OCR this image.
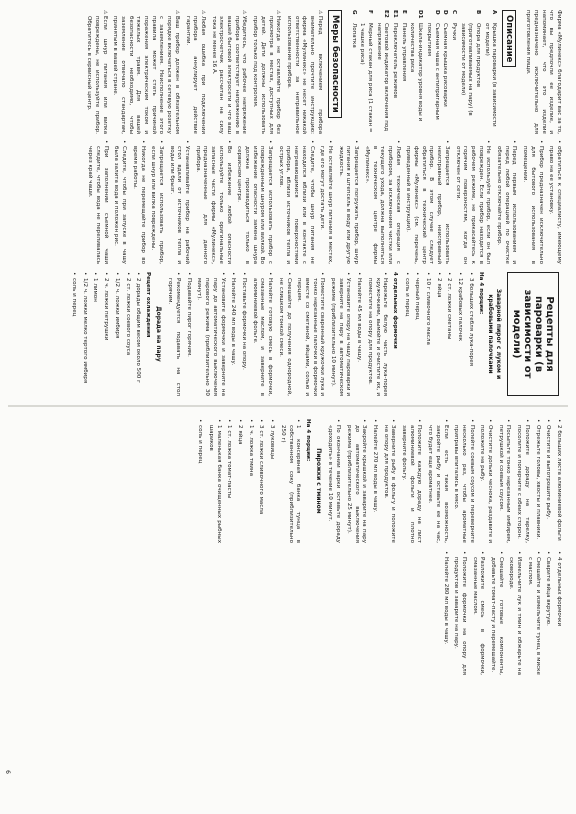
Фирма «Мулинекс» благодарит вас за то, что вы предпочли ее изделие, и напоминает, что это изделие предназначено исключительно для приготовления пищи.

Описание
А
Крышка пароварки (в зависимости от модели)
B
Опора для продуктов (приготавливаемых на пару) (в зависимости от модели)
C
Ручки
D
Съемная крышка рисоварки
D
Съемная чаша с антипригарным покрытием
D1
Шкала-индикатор уровня воды и количества риса
E
Панель управления
E1
Переключатель режимов
E2
Световой индикатор включения под напряжение
F
Мерный стакан для риса (1 стакан = 1 чашке риса)
G
Лопатка
Меры безопасности
⚠ Перед включением прибора внимательно прочтите инструкцию: фирма «Мулинекс» не несет никакой ответственности за неправильное использование прибора.
⚠ Никогда не оставляйте прибор без присмотра в местах, доступных для детей. Дети должны использовать прибор только под контролем.
⚠ Убедитесь, что рабочее напряжение прибора соответствует напряжению в вашей бытовой электросети и что ваш электросчетчик рассчитан на силу тока не менее 16 А.
⚠ Любая ошибка при подключении прибора аннулирует действие гарантии.
⚠ Ваш прибор должен в обязательном порядке включаться в сетевую розетку с заземлением. Неисполнение этого правила может стать причиной поражения электрическим током и тяжелых травм. Для вашей безопасности необходимо, чтобы заземление отвечало стандартам, принятым в вашей стране.
⚠ Если шнур питания или вилка повреждены, не используйте прибор. Обратитесь в сервисный центр.
• обратиться к специалисту, имеющему право на ее установку.
• Прибор предназначен исключительно для бытового использования в помещении.
• Перед первым использованием и перед любой операцией по очистке обязательно отключайте прибор.
• Не используйте прибор, если он был поврежден. Если прибор находится в рабочем режиме, не прикасайтесь к горячим поверхностям, когда он отключен от сети.
• Запрещается использовать неисправный прибор, неисправный прибор. В этом случае следует обратиться в технический центр фирмы «Мулинекс» (см. перечень, приведенный в инструкции).
• Любая техническая операция с прибором, за исключением чистки или текущего ухода, должна выполняться в техническом центре фирмы «Мулинекс».
• Запрещается погружать прибор, шнур питания и штепсель в воду или другую жидкость.
• Не оставляйте шнур питания в местах, где его могут достать дети.
• Следите, чтобы шнур питания не находился вблизи или в контакте с нагревающимися поверхностями прибора, вблизи источников тепла и острых углов.
• Запрещается использовать прибор с поврежденным шнуром или вилкой. Во избежание опасности замена шнура должна производиться только в сервисном центре.
• Во избежание любой опасности используйте только оригинальные запасные части фирмы «Мулинекс», предназначенные для данного прибора.
• Устанавливайте прибор на рабочий стол вдали от источников тепла и воды или брызг.
• Запрещается использовать прибор, если шнур или вилка повреждены.
• Никогда не перемещайте прибор во время работы.
• Следите, чтобы при запуске в чашу была залита вода и положен рис.
• При заполнении съемной чаши следите, чтобы вода не переливалась через край чаши.
Рецепты для пароварки (в зависимости от модели)
Заварной пирог с луком и крабовыми палочками
На 4 порции:
• 3 больших стебля лука-порея
• 12 крабовых палочек
• 2 ст. ложки сметаны
• 2 яйца
• 10 г сливочного масла
• черный перец
• соль и перец
4 отдельных формочки
• Нарежьте белую часть лука-порея кружочками, вымойте и очистите их, и поместите на опору для продуктов.
• Налейте 45 мл воды в чашу.
• Установите опору на чашу пароварки и заверните на пару в автоматическом режиме (приблизительно 10 минут).
• Поместите сваренный кружочки лука и тонко нарезанные палочки в формочки вместе со сметаной, яйцами, солью и перцем.
• Смешайте до получения однородной, не слишком тонкой смеси.
• Налейте готовую смесь в формочки, смазанные маслом, и заверните в алюминиевой фольге.
• Поставьте формочки на опору.
• Налейте 240 мл воды в чашу.
• Установите формочки и заверните на пару до автоматического выключения парового режима (приблизительно 30 минут).
• Подавайте пирог горячим.
• Рекомендуется подавать на стол горячим.
Дорада на пару
Рецепт охлаждения
• 2 дорады общим весом около 500 г
• 2 ст. ложки соевого соуса
• 1/2 ч. ложки имбиря
• 2 ч. ложки петрушки
• 1 лимон
• 1/2 ч. ложки мелко тертого имбиря
• соль и перец
• 2 больших листа алюминиевой фольги
• Очистите и выпотрошите рыбу.
• Отрежьте головы, хвосты и плавники.
• Положите дораду на тарелку, посолите и поперчите с обеих сторон.
• Посыпьте тонко нарезанным имбирем, петрушкой и соевым соусом.
• Очистите дольки чеснока, раздавите и положите на рыбу.
• Полейте соевым соусом и переверните несколько раз, чтобы ароматные приправы впитались в мясо.
• Если есть такая возможность, закройте рыбу и оставьте ее на час, что будет еще ароматнее.
• Положите каждую дораду на лист алюминиевой фольги и плотно заверните фольгу.
• Заверните рыбу в фольгу и положите на опору для продуктов.
• Налейте 270 мл воды в чашу.
• Закройте крышкой и заварите на пару до автоматического выключения режима (приблизительно 25 минут).
• По окончании варки оставьте дораду «доходить» в течение 10 минут.
Пирожки с тмином
На 4 порции:
• 1 консервная банка тунца в собственном соку (приблизительно 250 г)
• 3 луковицы
• 3 ст. ложки сливочного масла
• 1 ч. ложка тмина
• 2 яйца
• 1 ст. ложка томат-пасты
• 1 маленькая банка очищенных рыбных шариков
• соль и перец
• 4 отдельных формочки
• Сварите яйца вкрутую.
• Смешайте и измельчите тунец в миске с маслом.
• Измельчите лук и тмин и обжарьте на сковороде.
• Смешайте готовые компоненты, добавьте томат-пасту и перемешайте.
• Разложите смесь в формочки, смазанные маслом.
• Положите формочки на опору для продуктов и заварите на пару.
• Налейте 280 мл воды в чашу.
6
